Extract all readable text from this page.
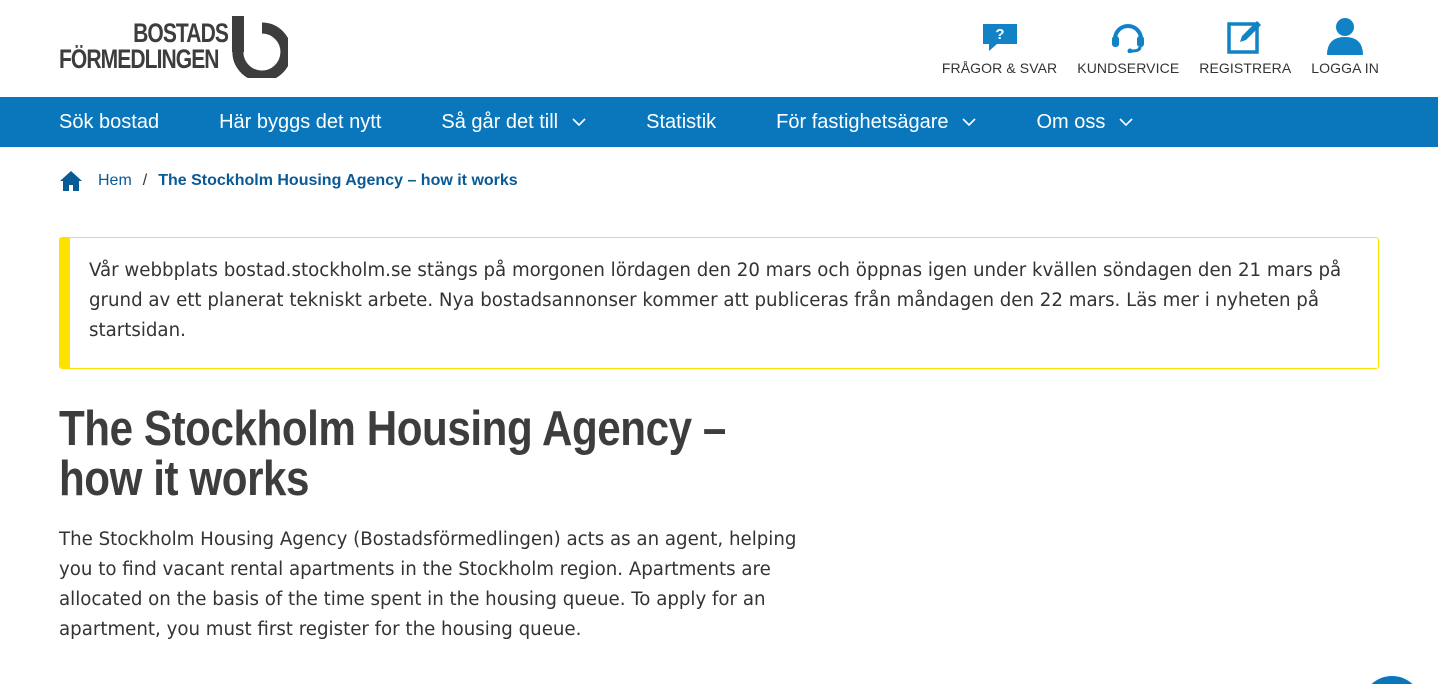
BOSTADS
FÖRMEDLINGEN
?
FRÅGOR & SVAR KUNDSERVICE REGISTRERA LOGGA IN
Sök bostad	Här byggs det nytt	Så går det till	Statistik	För fastighetsägare	Om oss
Hem / The Stockholm Housing Agency – how it works

Vår webbplats bostad.stockholm.se stängs på morgonen lördagen den 20 mars och öppnas igen under kvällen söndagen den 21 mars på grund av ett planerat tekniskt arbete. Nya bostadsannonser kommer att publiceras från måndagen den 22 mars. Läs mer i nyheten på startsidan.

The Stockholm Housing Agency – how it works

The Stockholm Housing Agency (Bostadsförmedlingen) acts as an agent, helping you to find vacant rental apartments in the Stockholm region. Apartments are allocated on the basis of the time spent in the housing queue. To apply for an apartment, you must first register for the housing queue.
